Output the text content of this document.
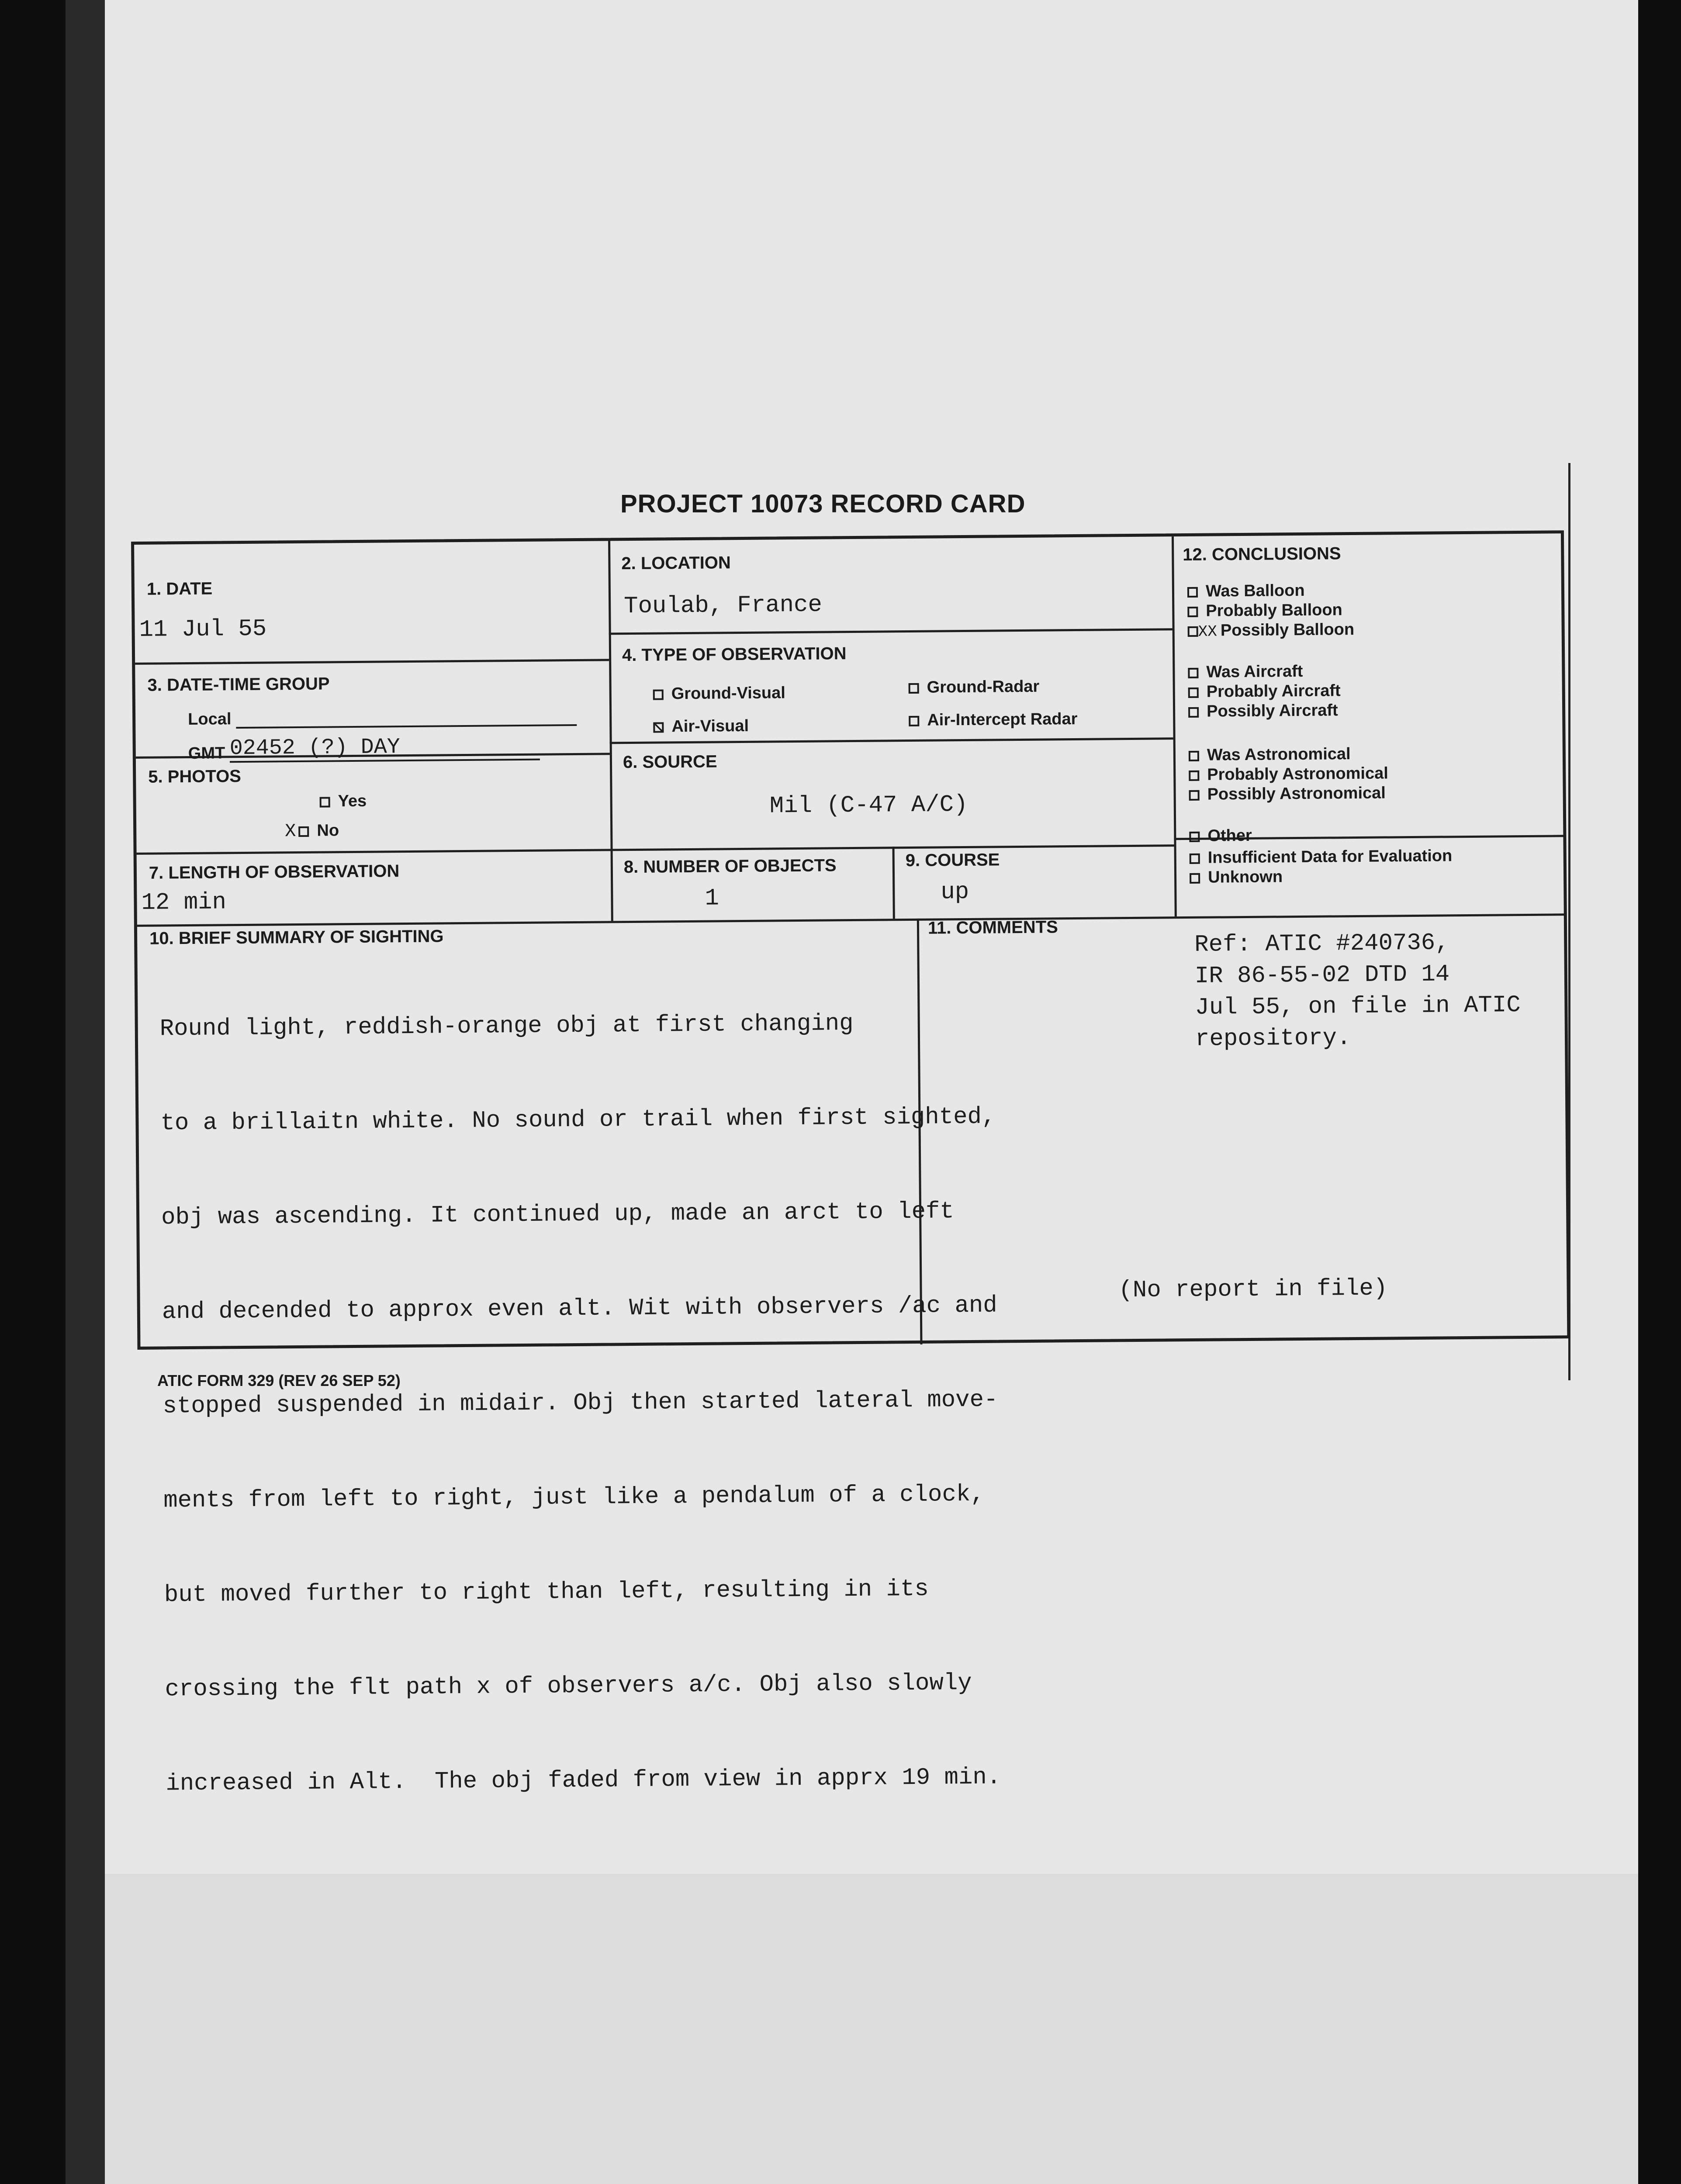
PROJECT 10073 RECORD CARD
1. DATE
11 Jul 55
2. LOCATION
Toulab, France
3. DATE-TIME GROUP
Local
GMT 02452 (?) DAY
4. TYPE OF OBSERVATION
Ground-Visual	Ground-Radar
Air-Visual	Air-Intercept Radar
5. PHOTOS
Yes
X No
6. SOURCE
Mil (C-47 A/C)
7. LENGTH OF OBSERVATION
12 min
8. NUMBER OF OBJECTS
1
9. COURSE
up
10. BRIEF SUMMARY OF SIGHTING

Round light, reddish-orange obj at first changing

to a brillaitn white. No sound or trail when first sighted,

obj was ascending. It continued up, made an arct to left

and decended to approx even alt. Wit with observers /ac and

stopped suspended in midair. Obj then started lateral move-

ments from left to right, just like a pendalum of a clock,

but moved further to right than left, resulting in its

crossing the flt path x of observers a/c. Obj also slowly

increased in Alt.  The obj faded from view in apprx 19 min.

11. COMMENTS
Ref: ATIC #240736,
IR 86-55-02 DTD 14
Jul 55, on file in ATIC
repository.
(No report in file)
12. CONCLUSIONS
Was Balloon
Probably Balloon
XX Possibly Balloon
Was Aircraft
Probably Aircraft
Possibly Aircraft
Was Astronomical
Probably Astronomical
Possibly Astronomical
Other
Insufficient Data for Evaluation
Unknown
ATIC FORM 329 (REV 26 SEP 52)
